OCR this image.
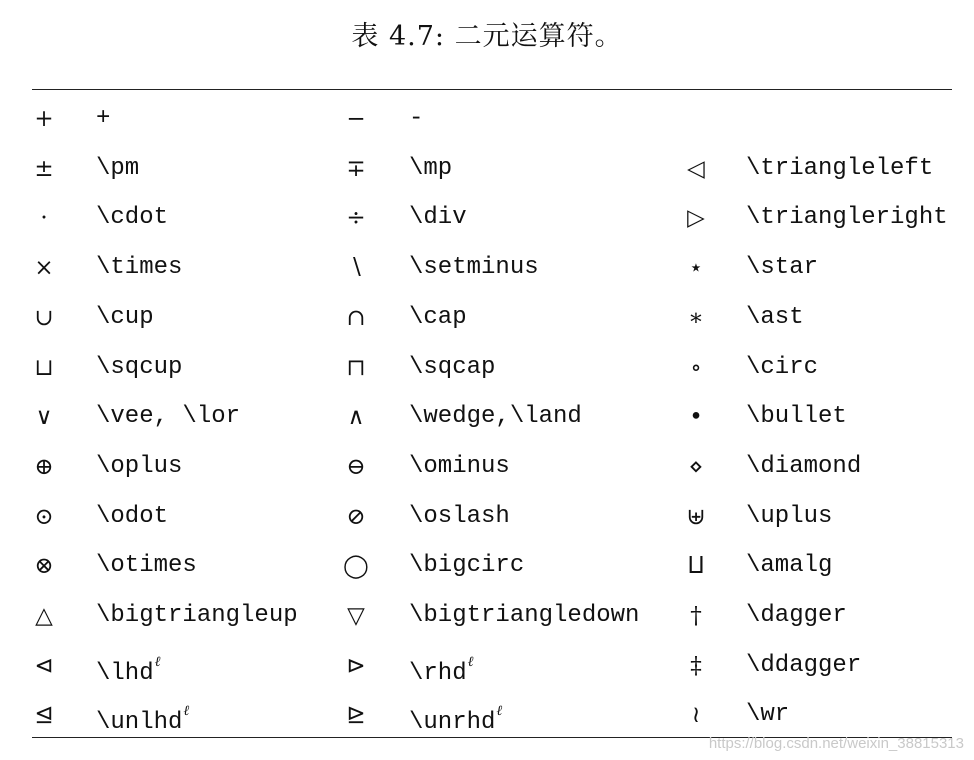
表 4.7: 二元运算符。
+	+	−	-
±	\pm	∓	\mp	◁	\triangleleft
·	\cdot	÷	\div	▷	\triangleright
×	\times	∖	\setminus	⋆	\star
∪	\cup	∩	\cap	∗	\ast
⊔	\sqcup	⊓	\sqcap	∘	\circ
∨	\vee, \lor	∧	\wedge,\land	•	\bullet
⊕	\oplus	⊖	\ominus	⋄	\diamond
⊙	\odot	⊘	\oslash	⊎	\uplus
⊗	\otimes	◯ \bigcirc	⨿	\amalg
△	\bigtriangleup	▽	\bigtriangledown	†	\dagger
⊲	\lhd$^\ell$	⊳	\rhd$^\ell$	‡	\ddagger
⊴	\unlhd$^\ell$	⊵	\unrhd$^\ell$	≀	\wr
https://blog.csdn.net/weixin_38815313
